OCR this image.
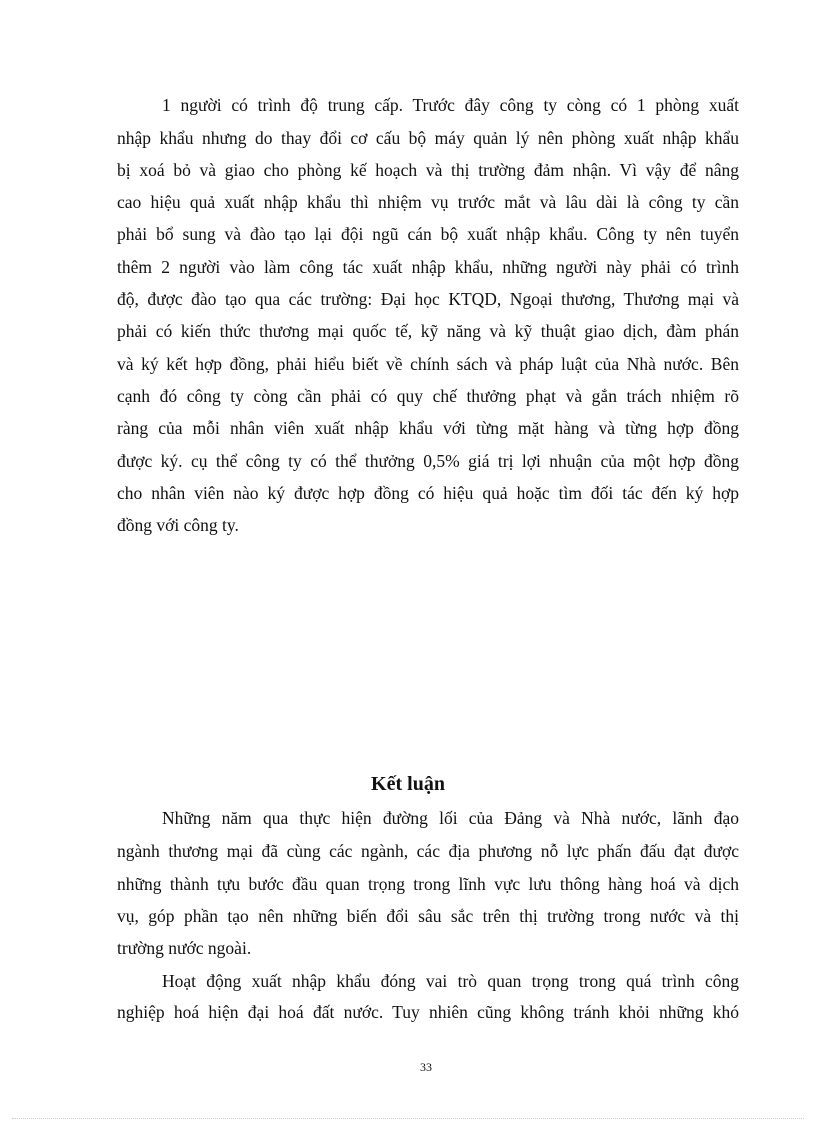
1 người có trình độ trung cấp. Trước đây công ty còng có 1 phòng xuất
nhập khẩu nhưng do thay đổi cơ cấu bộ máy quản lý nên phòng xuất nhập khẩu
bị xoá bỏ và giao cho phòng kế hoạch và thị trường đảm nhận. Vì vậy để nâng
cao hiệu quả xuất nhập khẩu thì nhiệm vụ trước mắt và lâu dài là công ty cần
phải bổ sung và đào tạo lại đội ngũ cán bộ xuất nhập khẩu. Công ty nên tuyển
thêm 2 người vào làm công tác xuất nhập khẩu, những người này phải có trình
độ, được đào tạo qua các trường: Đại học KTQD, Ngoại thương, Thương mại và
phải có kiến thức thương mại quốc tế, kỹ năng và kỹ thuật giao dịch, đàm phán
và ký kết hợp đồng, phải hiểu biết về chính sách và pháp luật của Nhà nước. Bên
cạnh đó công ty còng cần phải có quy chế thưởng phạt và gắn trách nhiệm rõ
ràng của mỗi nhân viên xuất nhập khẩu với từng mặt hàng và từng hợp đồng
được ký. cụ thể công ty có thể thưởng 0,5% giá trị lợi nhuận của một hợp đồng
cho nhân viên nào ký được hợp đồng có hiệu quả hoặc tìm đối tác đến ký hợp
đồng với công ty.
Kết luận
Những năm qua thực hiện đường lối của Đảng và Nhà nước, lãnh đạo
ngành thương mại đã cùng các ngành, các địa phương nỗ lực phấn đấu đạt được
những thành tựu bước đầu quan trọng trong lĩnh vực lưu thông hàng hoá và dịch
vụ, góp phần tạo nên những biến đổi sâu sắc trên thị trường trong nước và thị
trường nước ngoài.
Hoạt động xuất nhập khẩu đóng vai trò quan trọng trong quá trình công
nghiệp hoá hiện đại hoá đất nước. Tuy nhiên cũng không tránh khỏi những khó
33
